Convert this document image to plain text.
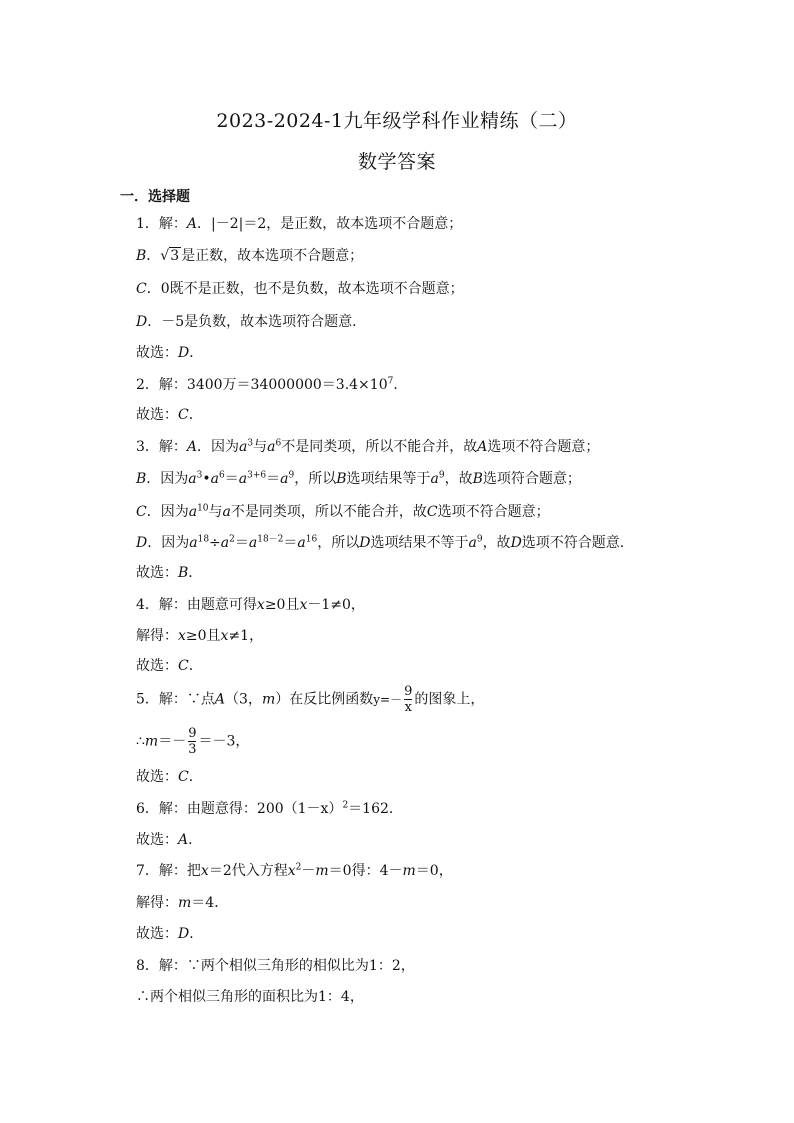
2023-2024-1九年级学科作业精练（二）
数学答案
一．选择题
1．解：A．|－2|＝2，是正数，故本选项不合题意；
B．√3 是正数，故本选项不合题意；
C．0既不是正数，也不是负数，故本选项不合题意；
D．－5是负数，故本选项符合题意．
故选：D．
2．解：3400万$=34000000=3.4\times 10^7$．
故选：C．
3．解：A．因为$a^3$与$a^6$不是同类项，所以不能合并，故A选项不符合题意；
B．因为$a^3•a^6=a^{3+6}=a^9$，所以B选项结果等于$a^9$，故B选项符合题意；
C．因为$a^{10}$与a不是同类项，所以不能合并，故C选项不符合题意；
D．因为$a^{18}\div a^2=a^{18-2}=a^{16}$，所以D选项结果不等于$a^9$，故D选项不符合题意．
故选：B．
4．解：由题意可得x≥0且x－1≠0，
解得：x≥0且x≠1，
故选：C．
5．解：∵点A（3，m）在反比例函数$y=- \frac{9}{x}$ 的图象上，
∴m＝－ $\frac{9}{3} =-3$，
故选：C．
6．解：由题意得：$200(1-x)^2=162$．
故选：A．
7．解：把x＝2代入方程$x^2-m=0$得：4－m＝0，
解得：m＝4．
故选：D．
8．解：∵两个相似三角形的相似比为1：2，
∴两个相似三角形的面积比为1：4，
